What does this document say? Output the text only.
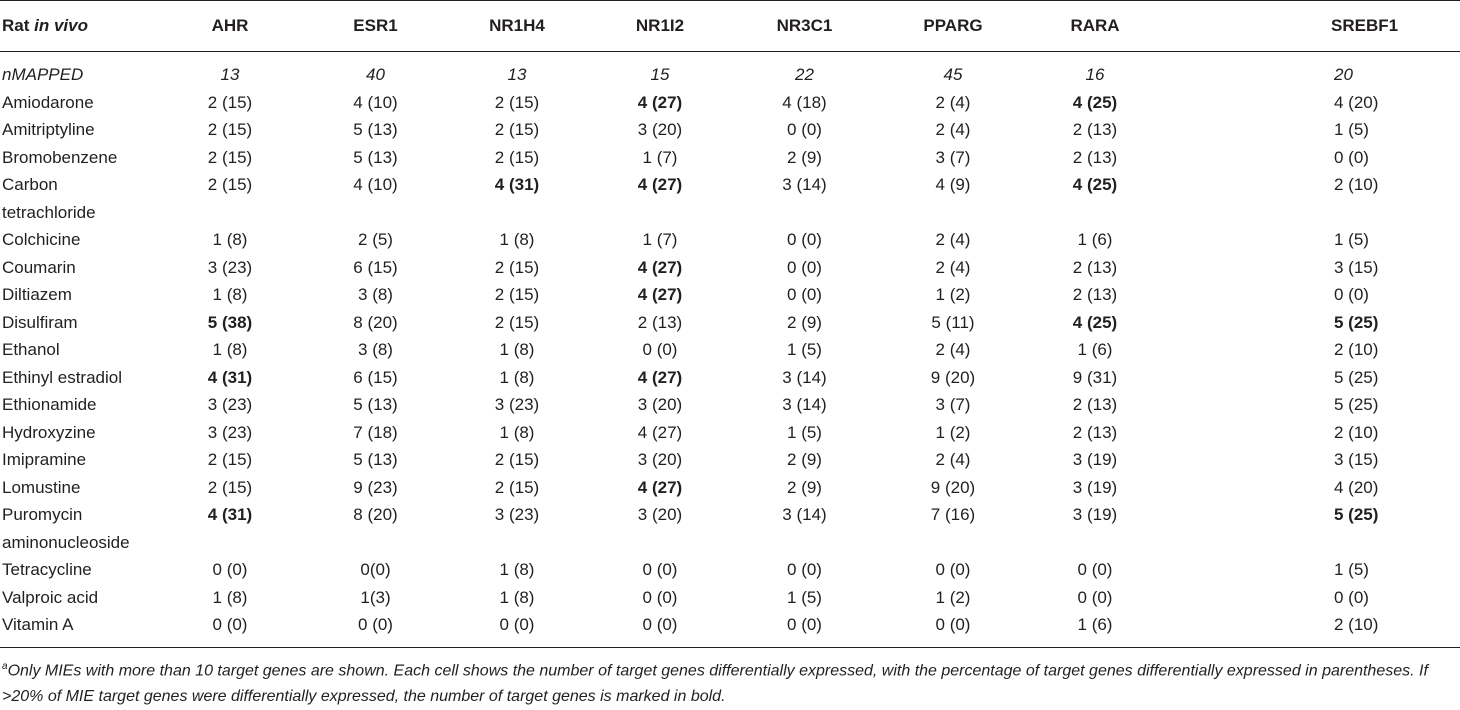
Rat in vivo	AHR	ESR1	NR1H4	NR1I2	NR3C1	PPARG	RARA	SREBF1
nMAPPED	13	40	13	15	22	45	16	20
Amiodarone	2 (15)	4 (10)	2 (15)	4 (27)	4 (18)	2 (4)	4 (25)	4 (20)
Amitriptyline	2 (15)	5 (13)	2 (15)	3 (20)	0 (0)	2 (4)	2 (13)	1 (5)
Bromobenzene	2 (15)	5 (13)	2 (15)	1 (7)	2 (9)	3 (7)	2 (13)	0 (0)
Carbon tetrachloride	2 (15)	4 (10)	4 (31)	4 (27)	3 (14)	4 (9)	4 (25)	2 (10)
Colchicine	1 (8)	2 (5)	1 (8)	1 (7)	0 (0)	2 (4)	1 (6)	1 (5)
Coumarin	3 (23)	6 (15)	2 (15)	4 (27)	0 (0)	2 (4)	2 (13)	3 (15)
Diltiazem	1 (8)	3 (8)	2 (15)	4 (27)	0 (0)	1 (2)	2 (13)	0 (0)
Disulfiram	5 (38)	8 (20)	2 (15)	2 (13)	2 (9)	5 (11)	4 (25)	5 (25)
Ethanol	1 (8)	3 (8)	1 (8)	0 (0)	1 (5)	2 (4)	1 (6)	2 (10)
Ethinyl estradiol	4 (31)	6 (15)	1 (8)	4 (27)	3 (14)	9 (20)	9 (31)	5 (25)
Ethionamide	3 (23)	5 (13)	3 (23)	3 (20)	3 (14)	3 (7)	2 (13)	5 (25)
Hydroxyzine	3 (23)	7 (18)	1 (8)	4 (27)	1 (5)	1 (2)	2 (13)	2 (10)
Imipramine	2 (15)	5 (13)	2 (15)	3 (20)	2 (9)	2 (4)	3 (19)	3 (15)
Lomustine	2 (15)	9 (23)	2 (15)	4 (27)	2 (9)	9 (20)	3 (19)	4 (20)
Puromycin aminonucleoside	4 (31)	8 (20)	3 (23)	3 (20)	3 (14)	7 (16)	3 (19)	5 (25)
Tetracycline	0 (0)	0(0)	1 (8)	0 (0)	0 (0)	0 (0)	0 (0)	1 (5)
Valproic acid	1 (8)	1(3)	1 (8)	0 (0)	1 (5)	1 (2)	0 (0)	0 (0)
Vitamin A	0 (0)	0 (0)	0 (0)	0 (0)	0 (0)	0 (0)	1 (6)	2 (10)
$^a$Only MIEs with more than 10 target genes are shown. Each cell shows the number of target genes differentially expressed, with the percentage of target genes differentially expressed in parentheses. If >20% of MIE target genes were differentially expressed, the number of target genes is marked in bold.
